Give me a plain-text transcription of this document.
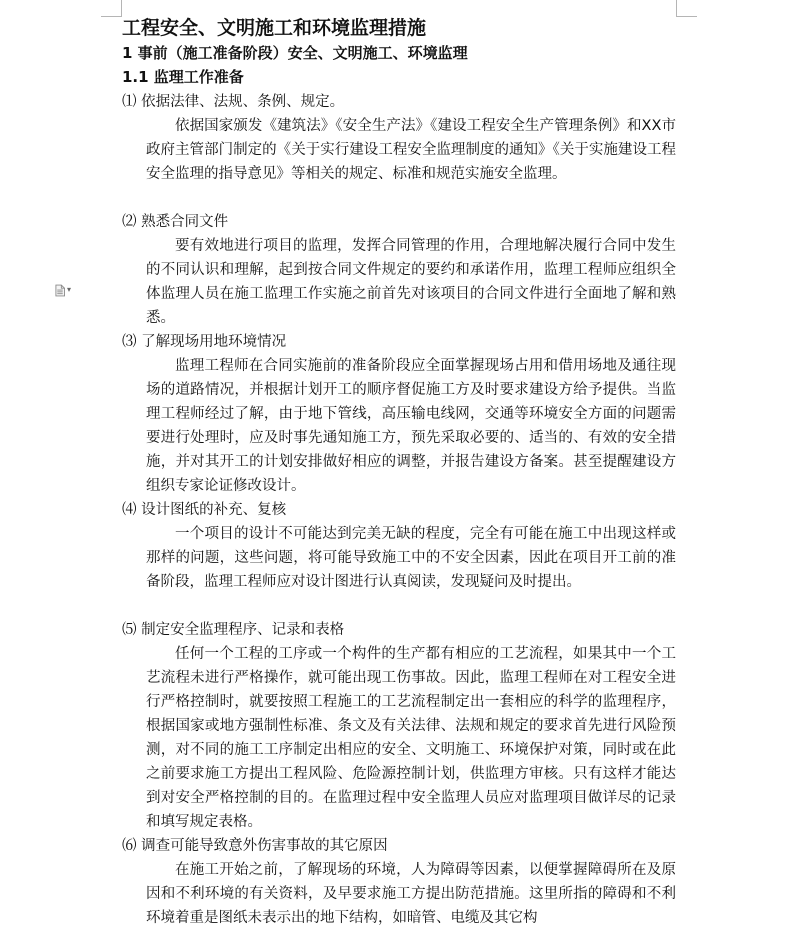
▾
工程安全、文明施工和环境监理措施
1 事前（施工准备阶段）安全、文明施工、环境监理
1.1 监理工作准备
⑴ 依据法律、法规、条例、规定。
依据国家颁发《建筑法》《安全生产法》《建设工程安全生产管理条例》和XX市政府主管部门制定的《关于实行建设工程安全监理制度的通知》《关于实施建设工程安全监理的指导意见》等相关的规定、标准和规范实施安全监理。
⑵ 熟悉合同文件
要有效地进行项目的监理，发挥合同管理的作用，合理地解决履行合同中发生的不同认识和理解，起到按合同文件规定的要约和承诺作用，监理工程师应组织全体监理人员在施工监理工作实施之前首先对该项目的合同文件进行全面地了解和熟悉。
⑶ 了解现场用地环境情况
监理工程师在合同实施前的准备阶段应全面掌握现场占用和借用场地及通往现场的道路情况，并根据计划开工的顺序督促施工方及时要求建设方给予提供。当监理工程师经过了解，由于地下管线，高压输电线网，交通等环境安全方面的问题需要进行处理时，应及时事先通知施工方，预先采取必要的、适当的、有效的安全措施，并对其开工的计划安排做好相应的调整，并报告建设方备案。甚至提醒建设方组织专家论证修改设计。
⑷ 设计图纸的补充、复核
一个项目的设计不可能达到完美无缺的程度，完全有可能在施工中出现这样或那样的问题，这些问题，将可能导致施工中的不安全因素，因此在项目开工前的准备阶段，监理工程师应对设计图进行认真阅读，发现疑问及时提出。
⑸ 制定安全监理程序、记录和表格
任何一个工程的工序或一个构件的生产都有相应的工艺流程，如果其中一个工艺流程未进行严格操作，就可能出现工伤事故。因此，监理工程师在对工程安全进行严格控制时，就要按照工程施工的工艺流程制定出一套相应的科学的监理程序，根据国家或地方强制性标准、条文及有关法律、法规和规定的要求首先进行风险预测，对不同的施工工序制定出相应的安全、文明施工、环境保护对策，同时或在此之前要求施工方提出工程风险、危险源控制计划，供监理方审核。只有这样才能达到对安全严格控制的目的。在监理过程中安全监理人员应对监理项目做详尽的记录和填写规定表格。
⑹ 调查可能导致意外伤害事故的其它原因
在施工开始之前，了解现场的环境，人为障碍等因素，以便掌握障碍所在及原因和不利环境的有关资料，及早要求施工方提出防范措施。这里所指的障碍和不利环境着重是图纸未表示出的地下结构，如暗管、电缆及其它构
